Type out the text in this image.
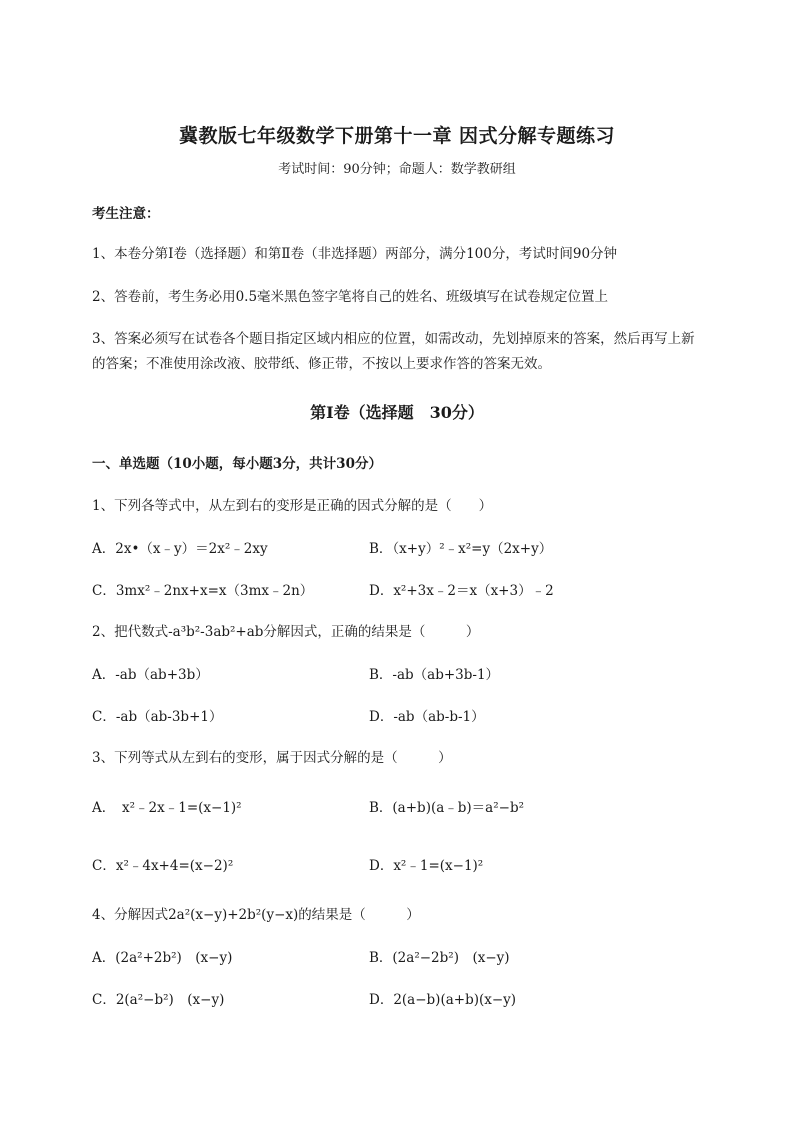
冀教版七年级数学下册第十一章 因式分解专题练习
考试时间：90分钟；命题人：数学教研组
考生注意：
1、本卷分第I卷（选择题）和第Ⅱ卷（非选择题）两部分，满分100分，考试时间90分钟
2、答卷前，考生务必用0.5毫米黑色签字笔将自己的姓名、班级填写在试卷规定位置上
3、答案必须写在试卷各个题目指定区域内相应的位置，如需改动，先划掉原来的答案，然后再写上新
的答案；不准使用涂改液、胶带纸、修正带，不按以上要求作答的答案无效。
第I卷（选择题　30分）
一、单选题（10小题，每小题3分，共计30分）
1、下列各等式中，从左到右的变形是正确的因式分解的是（　　）
A．2x•（x﹣y）＝2x²﹣2xy	B．（x+y）²﹣x²=y（2x+y）
C．3mx²﹣2nx+x=x（3mx﹣2n）	D．x²+3x﹣2＝x（x+3）﹣2
2、把代数式-a³b²-3ab²+ab分解因式，正确的结果是（　　　）
A．-ab（ab+3b）	B．-ab（ab+3b-1）
C．-ab（ab-3b+1）	D．-ab（ab-b-1）
3、下列等式从左到右的变形，属于因式分解的是（　　　）
A．　x²﹣2x﹣1=(x−1)²	B．(a+b)(a﹣b)＝a²−b²
C．x²﹣4x+4=(x−2)²	D．x²﹣1=(x−1)²
4、分解因式2a²(x−y)+2b²(y−x)的结果是（　　　）
A．(2a²+2b²)　(x−y)	B．(2a²−2b²)　(x−y)
C．2(a²−b²)　(x−y)	D．2(a−b)(a+b)(x−y)
